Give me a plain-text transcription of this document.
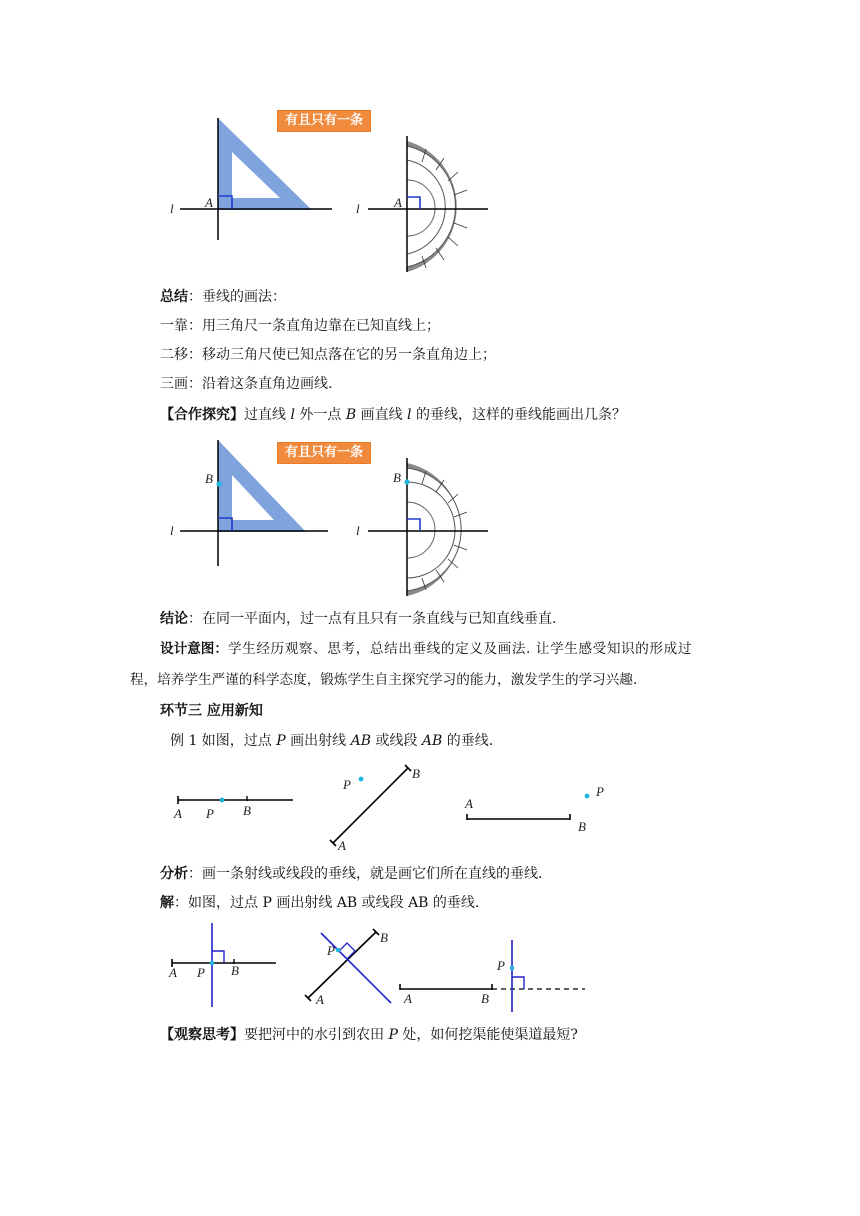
有且只有一条
l A	l	A
总结：垂线的画法：
一靠：用三角尺一条直角边靠在已知直线上；
二移：移动三角尺使已知点落在它的另一条直角边上；
三画：沿着这条直角边画线.
【合作探究】过直线 l 外一点 B 画直线 l 的垂线，这样的垂线能画出几条？
有且只有一条
l
B
l
B
结论：在同一平面内，过一点有且只有一条直线与已知直线垂直.
设计意图：学生经历观察、思考，总结出垂线的定义及画法. 让学生感受知识的形成过
程，培养学生严谨的科学态度，锻炼学生自主探究学习的能力，激发学生的学习兴趣.
环节三 应用新知
例 1 如图，过点 P 画出射线 AB 或线段 AB 的垂线.
A P B
P
B
A
A
B
P
分析：画一条射线或线段的垂线，就是画它们所在直线的垂线.
解：如图，过点 P 画出射线 AB 或线段 AB 的垂线.
A P B
P
B
A	A	B
P
【观察思考】要把河中的水引到农田 P 处，如何挖渠能使渠道最短?
